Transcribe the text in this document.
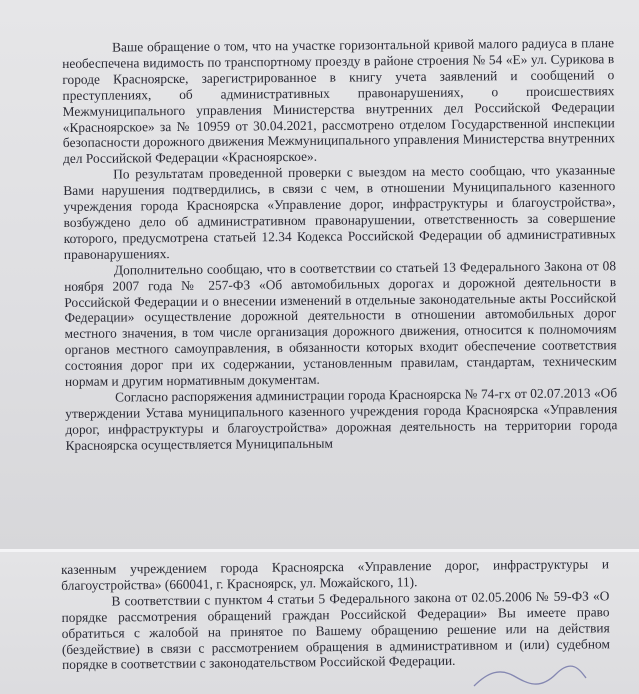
Ваше обращение о том, что на участке горизонтальной кривой малого радиуса в плане необеспечена видимость по транспортному проезду в районе строения № 54 «Е» ул. Сурикова в городе Красноярске, зарегистрированное в книгу учета заявлений и сообщений о преступлениях, об административных правонарушениях, о происшествиях Межмуниципального управления Министерства внутренних дел Российской Федерации «Красноярское» за № 10959 от 30.04.2021, рассмотрено отделом Государственной инспекции безопасности дорожного движения Межмуниципального управления Министерства внутренних дел Российской Федерации «Красноярское».

По результатам проведенной проверки с выездом на место сообщаю, что указанные Вами нарушения подтвердились, в связи с чем, в отношении Муниципального казенного учреждения города Красноярска «Управление дорог, инфраструктуры и благоустройства», возбуждено дело об административном правонарушении, ответственность за совершение которого, предусмотрена статьей 12.34 Кодекса Российской Федерации об административных правонарушениях.

Дополнительно сообщаю, что в соответствии со статьей 13 Федерального Закона от 08 ноября 2007 года № 257-ФЗ «Об автомобильных дорогах и дорожной деятельности в Российской Федерации и о внесении изменений в отдельные законодательные акты Российской Федерации» осуществление дорожной деятельности в отношении автомобильных дорог местного значения, в том числе организация дорожного движения, относится к полномочиям органов местного самоуправления, в обязанности которых входит обеспечение соответствия состояния дорог при их содержании, установленным правилам, стандартам, техническим нормам и другим нормативным документам.

Согласно распоряжения администрации города Красноярска № 74-гх от 02.07.2013 «Об утверждении Устава муниципального казенного учреждения города Красноярска «Управления дорог, инфраструктуры и благоустройства» дорожная деятельность на территории города Красноярска осуществляется Муниципальным

казенным учреждением города Красноярска «Управление дорог, инфраструктуры и благоустройства» (660041, г. Красноярск, ул. Можайского, 11).

В соответствии с пунктом 4 статьи 5 Федерального закона от 02.05.2006 № 59-ФЗ «О порядке рассмотрения обращений граждан Российской Федерации» Вы имеете право обратиться с жалобой на принятое по Вашему обращению решение или на действия (бездействие) в связи с рассмотрением обращения в административном и (или) судебном порядке в соответствии с законодательством Российской Федерации.
